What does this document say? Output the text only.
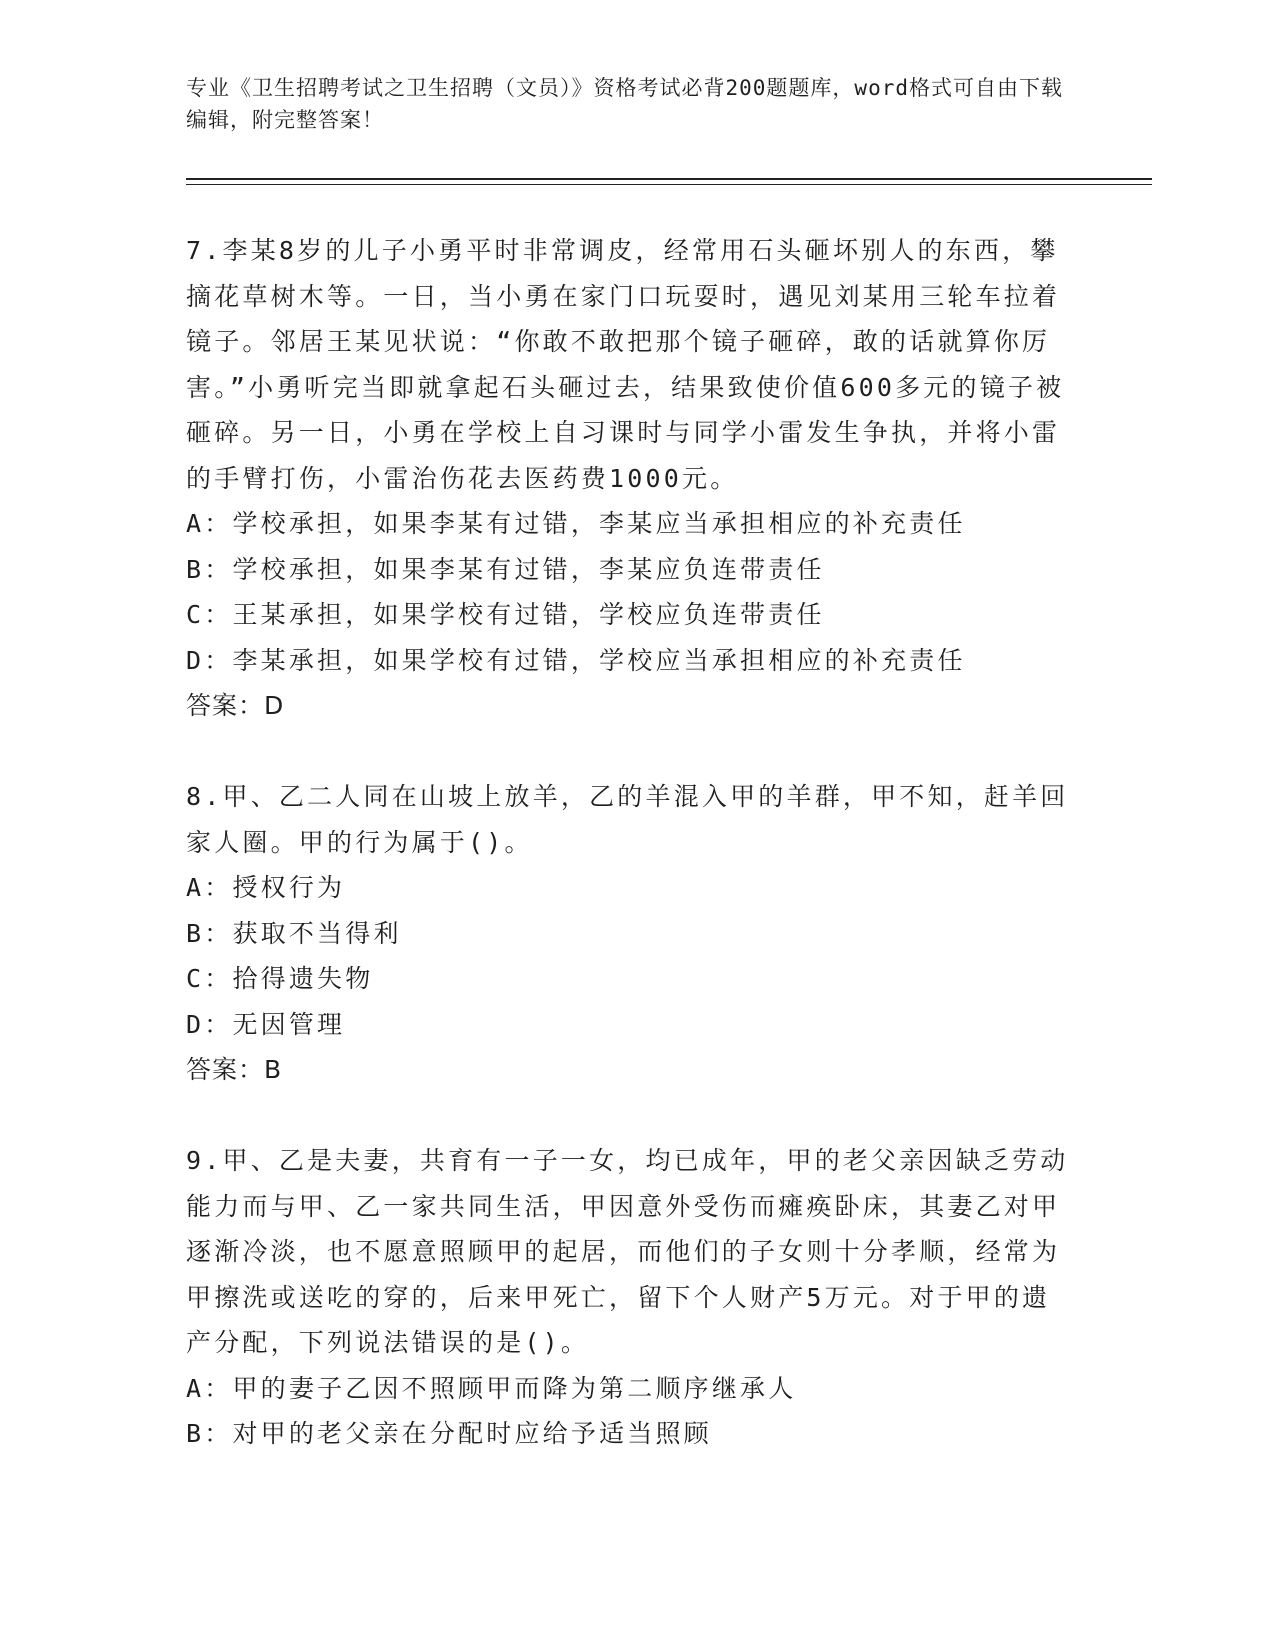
专业《卫生招聘考试之卫生招聘（文员）》资格考试必背200题题库，word格式可自由下载编辑，附完整答案！
7.李某8岁的儿子小勇平时非常调皮，经常用石头砸坏别人的东西，攀摘花草树木等。一日，当小勇在家门口玩耍时，遇见刘某用三轮车拉着镜子。邻居王某见状说：“你敢不敢把那个镜子砸碎，敢的话就算你厉害。”小勇听完当即就拿起石头砸过去，结果致使价值600多元的镜子被砸碎。另一日，小勇在学校上自习课时与同学小雷发生争执，并将小雷的手臂打伤，小雷治伤花去医药费1000元。
A：学校承担，如果李某有过错，李某应当承担相应的补充责任
B：学校承担，如果李某有过错，李某应负连带责任
C：王某承担，如果学校有过错，学校应负连带责任
D：李某承担，如果学校有过错，学校应当承担相应的补充责任
答案：D
8.甲、乙二人同在山坡上放羊，乙的羊混入甲的羊群，甲不知，赶羊回家人圈。甲的行为属于()。
A：授权行为
B：获取不当得利
C：拾得遗失物
D：无因管理
答案：B
9.甲、乙是夫妻，共育有一子一女，均已成年，甲的老父亲因缺乏劳动能力而与甲、乙一家共同生活，甲因意外受伤而瘫痪卧床，其妻乙对甲逐渐冷淡，也不愿意照顾甲的起居，而他们的子女则十分孝顺，经常为甲擦洗或送吃的穿的，后来甲死亡，留下个人财产5万元。对于甲的遗产分配，下列说法错误的是()。
A：甲的妻子乙因不照顾甲而降为第二顺序继承人
B：对甲的老父亲在分配时应给予适当照顾
